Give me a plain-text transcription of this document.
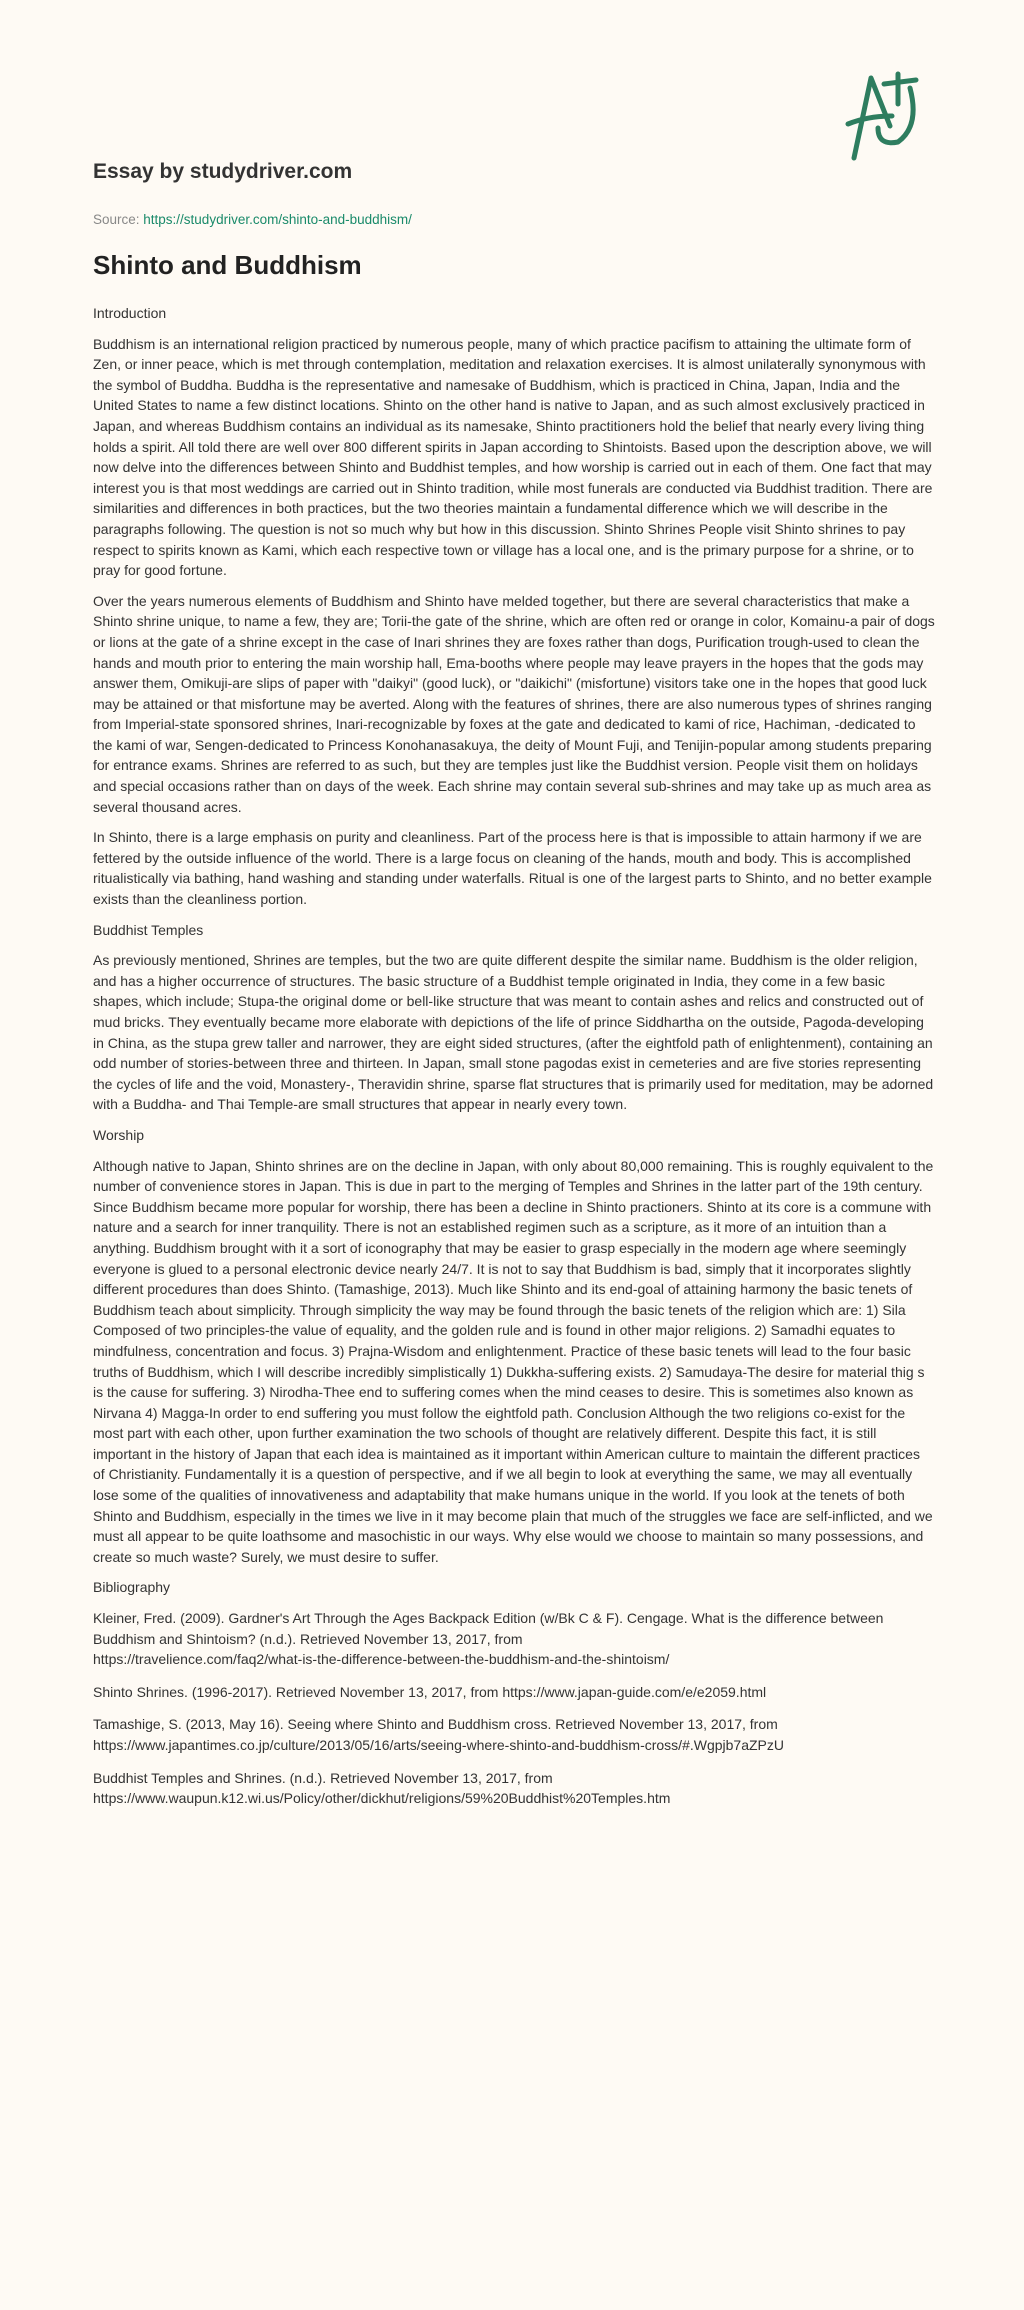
Essay by studydriver.com
Source: https://studydriver.com/shinto-and-buddhism/
Shinto and Buddhism

Introduction

Buddhism is an international religion practiced by numerous people, many of which practice pacifism to attaining the ultimate form of Zen, or inner peace, which is met through contemplation, meditation and relaxation exercises. It is almost unilaterally synonymous with the symbol of Buddha. Buddha is the representative and namesake of Buddhism, which is practiced in China, Japan, India and the United States to name a few distinct locations. Shinto on the other hand is native to Japan, and as such almost exclusively practiced in Japan, and whereas Buddhism contains an individual as its namesake, Shinto practitioners hold the belief that nearly every living thing holds a spirit. All told there are well over 800 different spirits in Japan according to Shintoists. Based upon the description above, we will now delve into the differences between Shinto and Buddhist temples, and how worship is carried out in each of them. One fact that may interest you is that most weddings are carried out in Shinto tradition, while most funerals are conducted via Buddhist tradition. There are similarities and differences in both practices, but the two theories maintain a fundamental difference which we will describe in the paragraphs following. The question is not so much why but how in this discussion. Shinto Shrines People visit Shinto shrines to pay respect to spirits known as Kami, which each respective town or village has a local one, and is the primary purpose for a shrine, or to pray for good fortune.

Over the years numerous elements of Buddhism and Shinto have melded together, but there are several characteristics that make a Shinto shrine unique, to name a few, they are; Torii-the gate of the shrine, which are often red or orange in color, Komainu-a pair of dogs or lions at the gate of a shrine except in the case of Inari shrines they are foxes rather than dogs, Purification trough-used to clean the hands and mouth prior to entering the main worship hall, Ema-booths where people may leave prayers in the hopes that the gods may answer them, Omikuji-are slips of paper with "daikyi" (good luck), or "daikichi" (misfortune) visitors take one in the hopes that good luck may be attained or that misfortune may be averted. Along with the features of shrines, there are also numerous types of shrines ranging from Imperial-state sponsored shrines, Inari-recognizable by foxes at the gate and dedicated to kami of rice, Hachiman, -dedicated to the kami of war, Sengen-dedicated to Princess Konohanasakuya, the deity of Mount Fuji, and Tenijin-popular among students preparing for entrance exams. Shrines are referred to as such, but they are temples just like the Buddhist version. People visit them on holidays and special occasions rather than on days of the week. Each shrine may contain several sub-shrines and may take up as much area as several thousand acres.

In Shinto, there is a large emphasis on purity and cleanliness. Part of the process here is that is impossible to attain harmony if we are fettered by the outside influence of the world. There is a large focus on cleaning of the hands, mouth and body. This is accomplished ritualistically via bathing, hand washing and standing under waterfalls. Ritual is one of the largest parts to Shinto, and no better example exists than the cleanliness portion.

Buddhist Temples

As previously mentioned, Shrines are temples, but the two are quite different despite the similar name. Buddhism is the older religion, and has a higher occurrence of structures. The basic structure of a Buddhist temple originated in India, they come in a few basic shapes, which include; Stupa-the original dome or bell-like structure that was meant to contain ashes and relics and constructed out of mud bricks. They eventually became more elaborate with depictions of the life of prince Siddhartha on the outside, Pagoda-developing in China, as the stupa grew taller and narrower, they are eight sided structures, (after the eightfold path of enlightenment), containing an odd number of stories-between three and thirteen. In Japan, small stone pagodas exist in cemeteries and are five stories representing the cycles of life and the void, Monastery-, Theravidin shrine, sparse flat structures that is primarily used for meditation, may be adorned with a Buddha- and Thai Temple-are small structures that appear in nearly every town.

Worship

Although native to Japan, Shinto shrines are on the decline in Japan, with only about 80,000 remaining. This is roughly equivalent to the number of convenience stores in Japan. This is due in part to the merging of Temples and Shrines in the latter part of the 19th century. Since Buddhism became more popular for worship, there has been a decline in Shinto practioners. Shinto at its core is a commune with nature and a search for inner tranquility. There is not an established regimen such as a scripture, as it more of an intuition than a anything. Buddhism brought with it a sort of iconography that may be easier to grasp especially in the modern age where seemingly everyone is glued to a personal electronic device nearly 24/7. It is not to say that Buddhism is bad, simply that it incorporates slightly different procedures than does Shinto. (Tamashige, 2013). Much like Shinto and its end-goal of attaining harmony the basic tenets of Buddhism teach about simplicity. Through simplicity the way may be found through the basic tenets of the religion which are: 1) Sila Composed of two principles-the value of equality, and the golden rule and is found in other major religions. 2) Samadhi equates to mindfulness, concentration and focus. 3) Prajna-Wisdom and enlightenment. Practice of these basic tenets will lead to the four basic truths of Buddhism, which I will describe incredibly simplistically 1) Dukkha-suffering exists. 2) Samudaya-The desire for material thig s is the cause for suffering. 3) Nirodha-Thee end to suffering comes when the mind ceases to desire. This is sometimes also known as Nirvana 4) Magga-In order to end suffering you must follow the eightfold path. Conclusion Although the two religions co-exist for the most part with each other, upon further examination the two schools of thought are relatively different. Despite this fact, it is still important in the history of Japan that each idea is maintained as it important within American culture to maintain the different practices of Christianity. Fundamentally it is a question of perspective, and if we all begin to look at everything the same, we may all eventually lose some of the qualities of innovativeness and adaptability that make humans unique in the world. If you look at the tenets of both Shinto and Buddhism, especially in the times we live in it may become plain that much of the struggles we face are self-inflicted, and we must all appear to be quite loathsome and masochistic in our ways. Why else would we choose to maintain so many possessions, and create so much waste? Surely, we must desire to suffer.

Bibliography

Kleiner, Fred. (2009). Gardner's Art Through the Ages Backpack Edition (w/Bk C & F). Cengage. What is the difference between Buddhism and Shintoism? (n.d.). Retrieved November 13, 2017, from
https://travelience.com/faq2/what-is-the-difference-between-the-buddhism-and-the-shintoism/

Shinto Shrines. (1996-2017). Retrieved November 13, 2017, from https://www.japan-guide.com/e/e2059.html

Tamashige, S. (2013, May 16). Seeing where Shinto and Buddhism cross. Retrieved November 13, 2017, from
https://www.japantimes.co.jp/culture/2013/05/16/arts/seeing-where-shinto-and-buddhism-cross/#.Wgpjb7aZPzU

Buddhist Temples and Shrines. (n.d.). Retrieved November 13, 2017, from
https://www.waupun.k12.wi.us/Policy/other/dickhut/religions/59%20Buddhist%20Temples.htm
